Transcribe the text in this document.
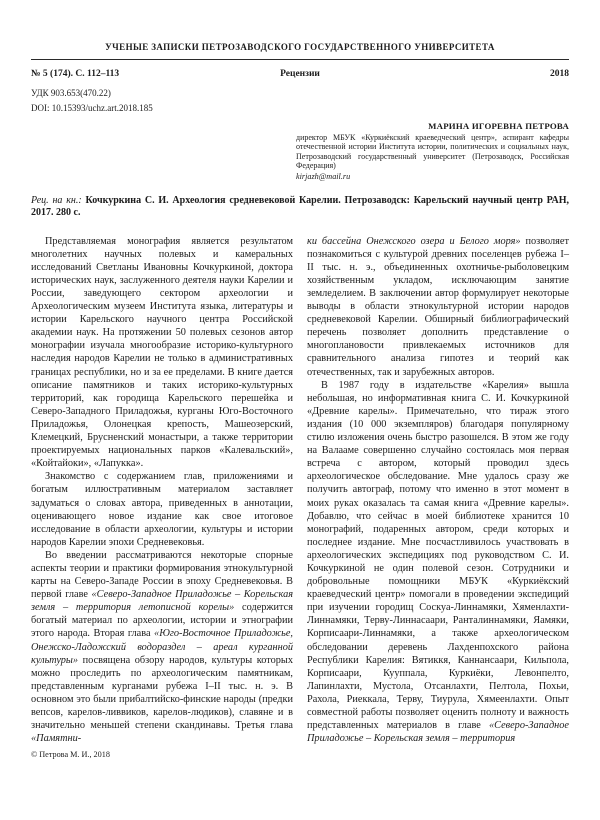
УЧЕНЫЕ ЗАПИСКИ ПЕТРОЗАВОДСКОГО ГОСУДАРСТВЕННОГО УНИВЕРСИТЕТА
№ 5 (174). С. 112–113	Рецензии	2018
УДК 903.653(470.22)
DOI: 10.15393/uchz.art.2018.185
МАРИНА ИГОРЕВНА ПЕТРОВА
директор МБУК «Куркиёкский краеведческий центр», аспирант кафедры отечественной истории Института истории, политических и социальных наук, Петрозаводский государственный университет (Петрозаводск, Российская Федерация)
kirjazh@mail.ru
Рец. на кн.: Кочкуркина С. И. Археология средневековой Карелии. Петрозаводск: Карельский научный центр РАН, 2017. 280 с.

Представляемая монография является результатом многолетних научных полевых и камеральных исследований Светланы Ивановны Кочкуркиной, доктора исторических наук, заслуженного деятеля науки Карелии и России, заведующего сектором археологии и Археологическим музеем Института языка, литературы и истории Карельского научного центра Российской академии наук. На протяжении 50 полевых сезонов автор монографии изучала многообразие историко-культурного наследия народов Карелии не только в административных границах республики, но и за ее пределами. В книге дается описание памятников и таких историко-культурных территорий, как городища Карельского перешейка и Северо-Западного Приладожья, курганы Юго-Восточного Приладожья, Олонецкая крепость, Машеозерский, Клемецкий, Брусненский монастыри, а также территории проектируемых национальных парков «Калевальский», «Койтайоки», «Лапукка».

Знакомство с содержанием глав, приложениями и богатым иллюстративным материалом заставляет задуматься о словах автора, приведенных в аннотации, оценивающего новое издание как свое итоговое исследование в области археологии, культуры и истории народов Карелии эпохи Средневековья.

Во введении рассматриваются некоторые спорные аспекты теории и практики формирования этнокультурной карты на Северо-Западе России в эпоху Средневековья. В первой главе «Северо-Западное Приладожье – Корельская земля – территория летописной корелы» содержится богатый материал по археологии, истории и этнографии этого народа. Вторая глава «Юго-Восточное Приладожье, Онежско-Ладожский водораздел – ареал курганной культуры» посвящена обзору народов, культуры которых можно проследить по археологическим памятникам, представленным курганами рубежа I–II тыс. н. э. В основном это были прибалтийско-финские народы (предки вепсов, карелов-ливвиков, карелов-людиков), славяне и в значительно меньшей степени скандинавы. Третья глава «Памятни-

ки бассейна Онежского озера и Белого моря» позволяет познакомиться с культурой древних поселенцев рубежа I–II тыс. н. э., объединенных охотничье-рыболовецким хозяйственным укладом, исключающим занятие земледелием. В заключении автор формулирует некоторые выводы в области этнокультурной истории народов средневековой Карелии. Обширный библиографический перечень позволяет дополнить представление о многоплановости привлекаемых источников для сравнительного анализа гипотез и теорий как отечественных, так и зарубежных авторов.

В 1987 году в издательстве «Карелия» вышла небольшая, но информативная книга С. И. Кочкуркиной «Древние карелы». Примечательно, что тираж этого издания (10 000 экземпляров) благодаря популярному стилю изложения очень быстро разошелся. В этом же году на Валааме совершенно случайно состоялась моя первая встреча с автором, который проводил здесь археологическое обследование. Мне удалось сразу же получить автограф, потому что именно в этот момент в моих руках оказалась та самая книга «Древние карелы». Добавлю, что сейчас в моей библиотеке хранится 10 монографий, подаренных автором, среди которых и последнее издание. Мне посчастливилось участвовать в археологических экспедициях под руководством С. И. Кочкуркиной не один полевой сезон. Сотрудники и добровольные помощники МБУК «Куркиёкский краеведческий центр» помогали в проведении экспедиций при изучении городищ Соскуа-Линнамяки, Хяменлахти-Линнамяки, Терву-Линнасаари, Ранталиннамяки, Яамяки, Корписаари-Линнамяки, а также археологическом обследовании деревень Лахденпохского района Республики Карелия: Вятиккя, Каннансаари, Кильпола, Корписаари, Кууппала, Куркиёки, Левонпелто, Лапинлахти, Мустола, Отсанлахти, Пелтола, Похьи, Рахола, Риеккала, Терву, Тиурула, Хямеенлахти. Опыт совместной работы позволяет оценить полноту и важность представленных материалов в главе «Северо-Западное Приладожье – Корельская земля – территория

© Петрова М. И., 2018
